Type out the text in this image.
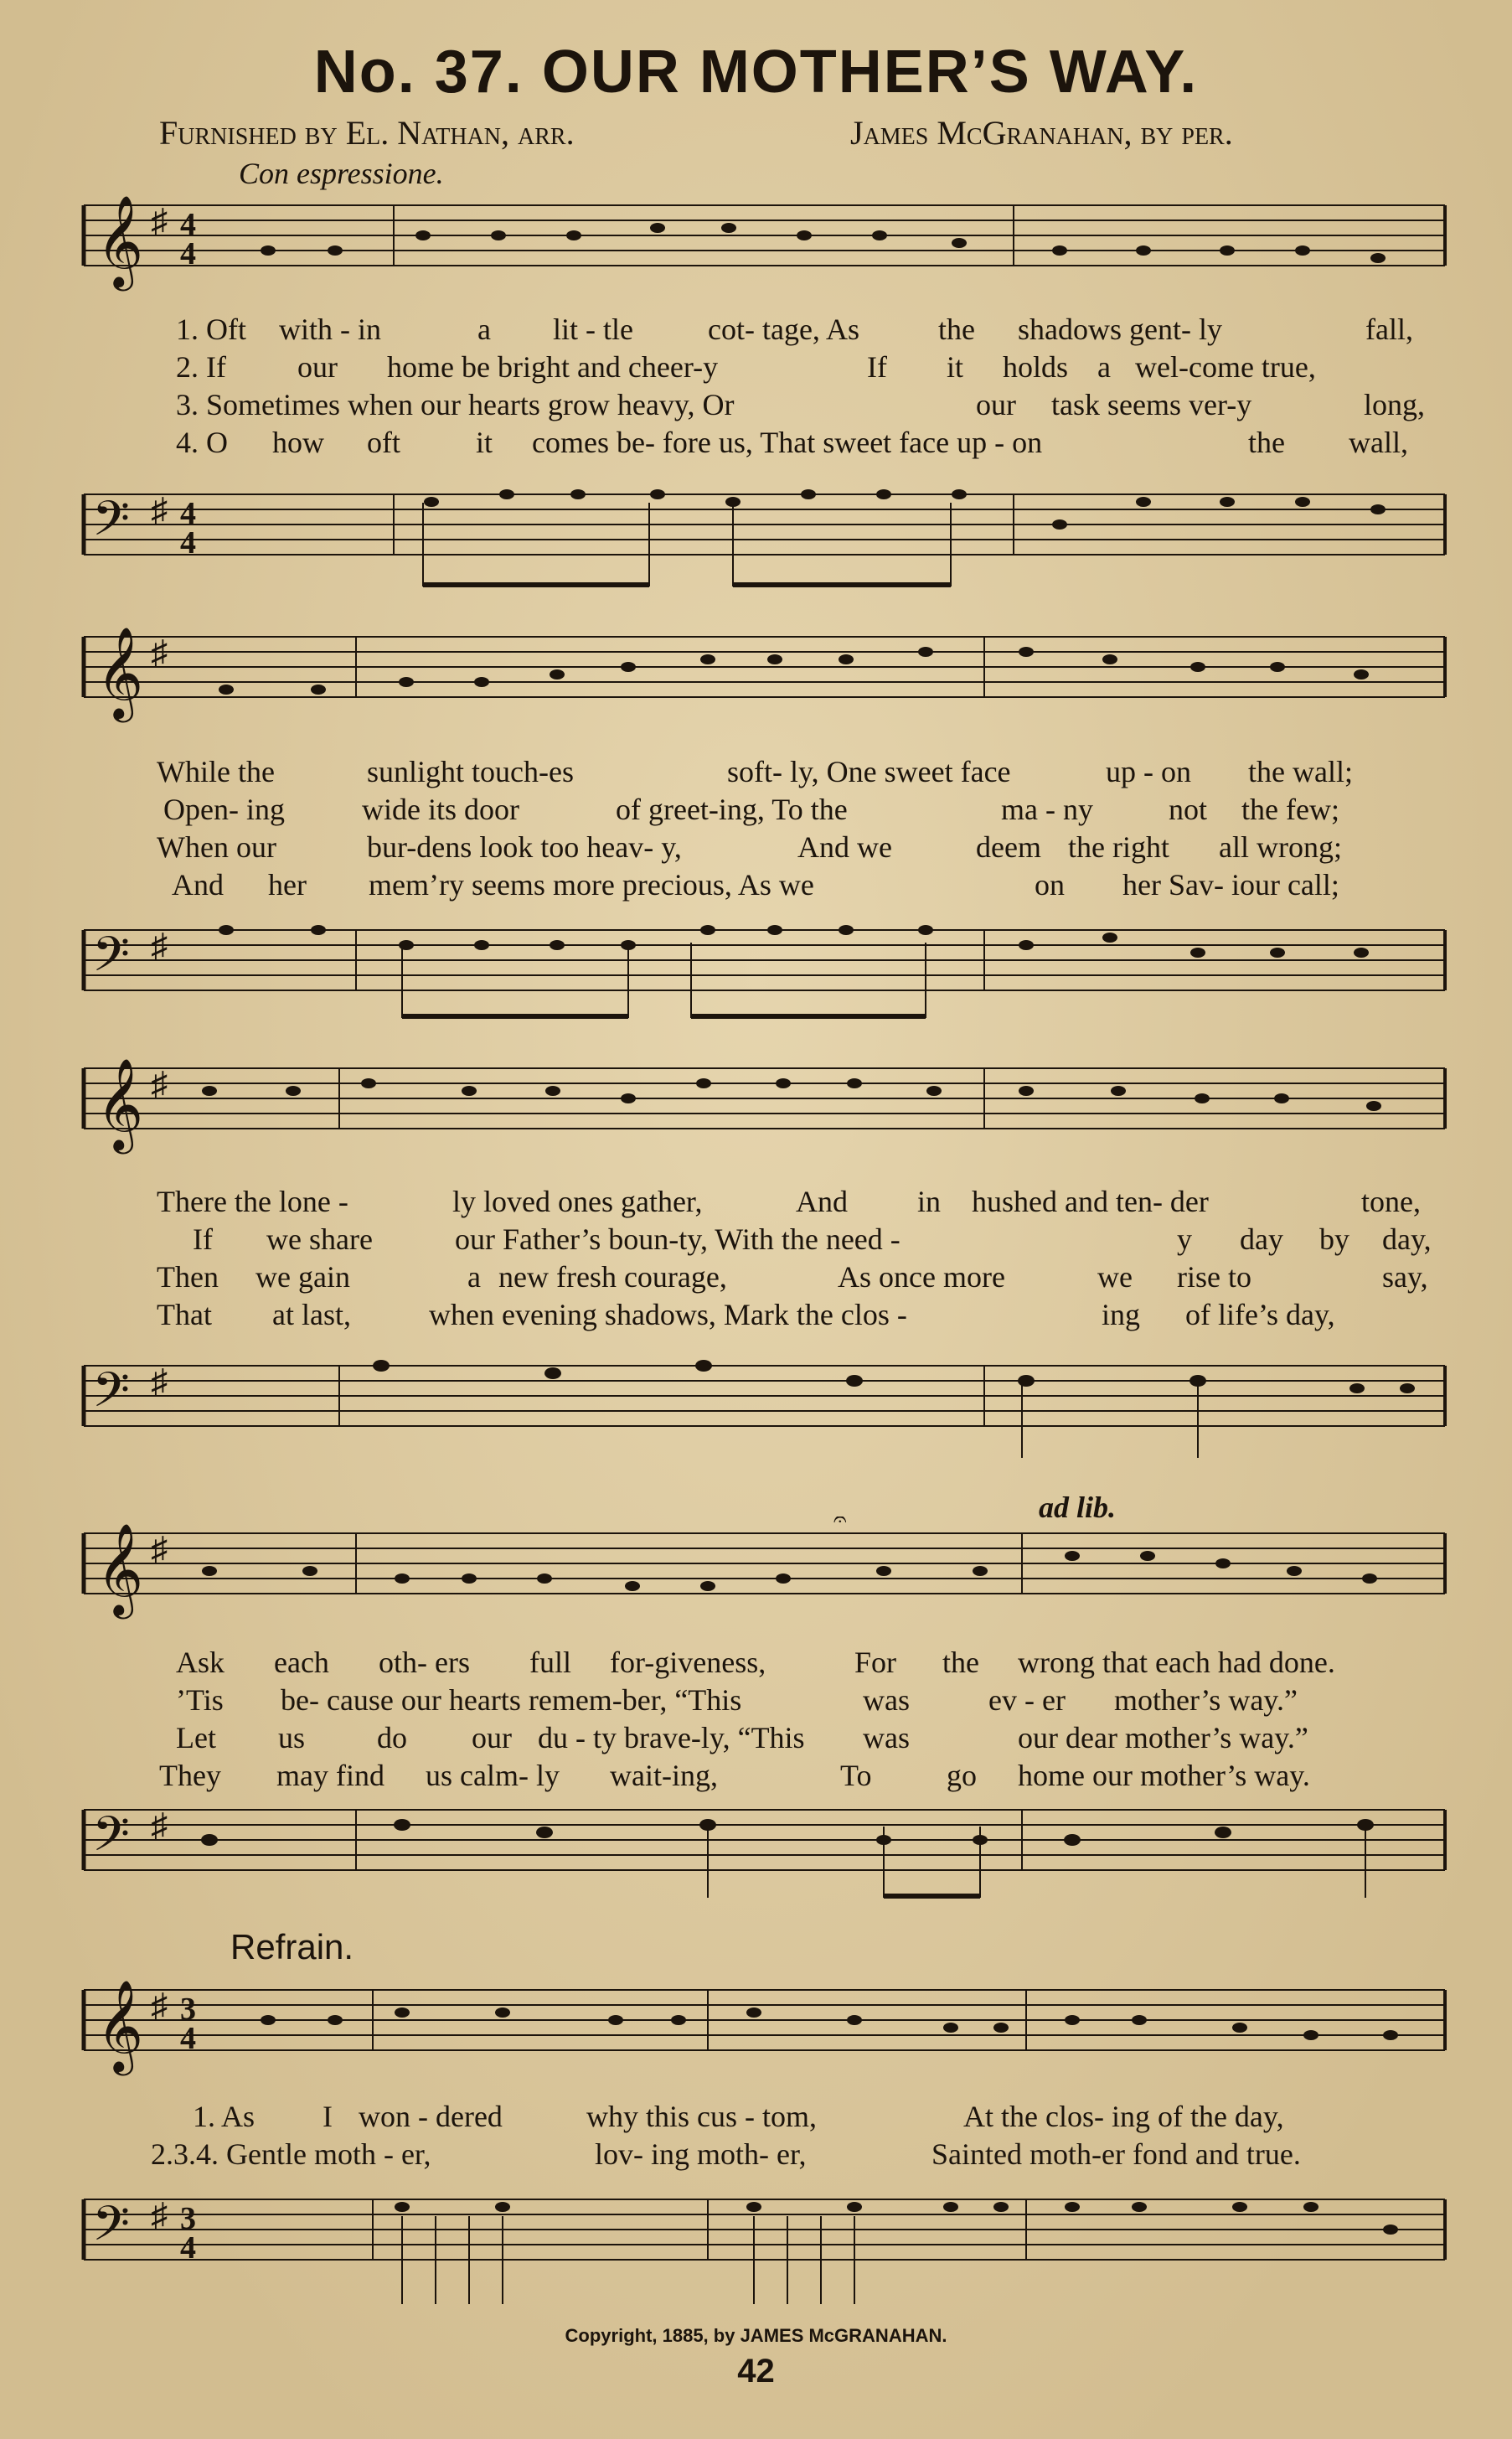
No. 37. OUR MOTHER’S WAY.
Furnished by El. Nathan, arr.	James McGranahan, by per.
Con espressione.
𝄞 ♯ 4
4
1. Oft with - in	a lit - tle cot- tage, As	the shadows gent- ly	fall,
2. If our home be bright and cheer-y	If it holds a wel-come true,
3. Sometimes when our hearts grow heavy, Or	our task seems ver-y	long,
4. O how oft	it comes be- fore us, That sweet face up - on	the wall,
𝄢 ♯ 4
4
𝄞 ♯
While the	sunlight touch-es	soft- ly, One sweet face	up - on the wall;
Open- ing	wide its door	of greet-ing, To the	ma - ny	not the few;
When our	bur-dens look too heav- y,	And we	deem the right all wrong;
And her mem’ry seems more precious, As we	on her Sav- iour call;
𝄢 ♯
𝄞 ♯
There the lone -	ly loved ones gather,	And in hushed and ten- der	tone,
If we share	our Father’s boun-ty, With the need -	y day by day,
Then we gain	a new fresh courage,	As once more	we rise to	say,
That at last,	when evening shadows, Mark the clos -	ing of life’s day,
𝄢 ♯
ad lib.
𝄞 ♯
𝄐
Ask each oth- ers full for-giveness,	For the wrong that each had done.
’Tis be- cause our hearts remem-ber, “This	was	ev - er mother’s way.”
Let us do our du - ty brave-ly, “This was	our dear mother’s way.”
They may find us calm- ly wait-ing,	To go home our mother’s way.
𝄢 ♯
Refrain.
𝄞 ♯ 3
4
1. As I won - dered	why this cus - tom,	At the clos- ing of the day,
2.3.4. Gentle moth - er,	lov- ing moth- er,	Sainted moth-er fond and true.
𝄢 ♯ 3
4
Copyright, 1885, by JAMES McGRANAHAN.
42
